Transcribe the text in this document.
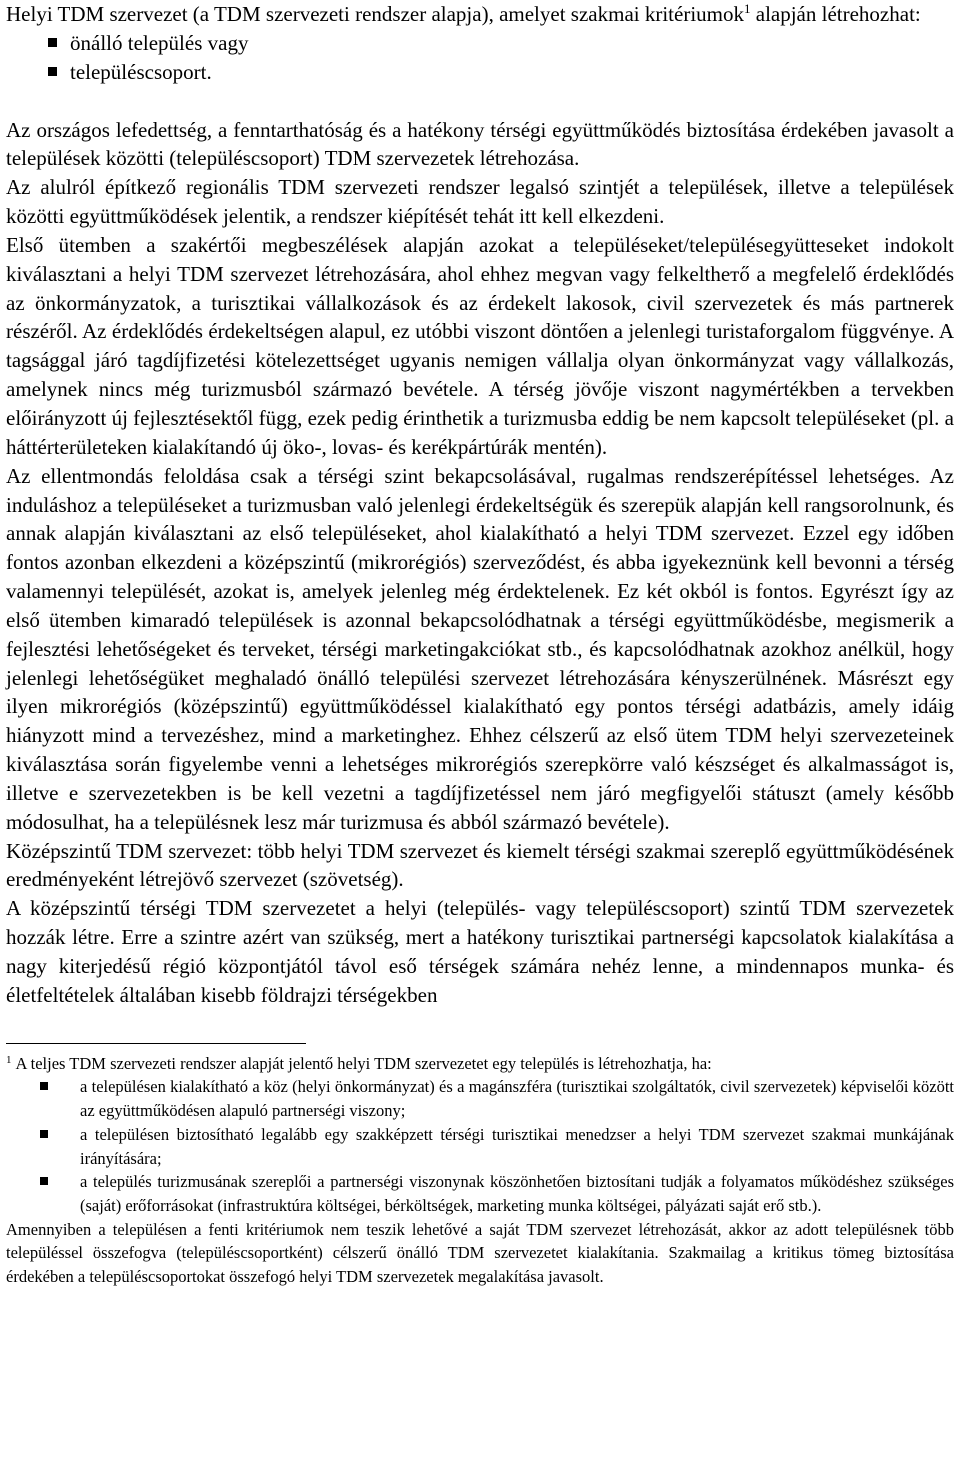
Helyi TDM szervezet (a TDM szervezeti rendszer alapja), amelyet szakmai kritériumok$^1$ alapján létrehozhat:

önálló település vagy
településcsoport.

Az országos lefedettség, a fenntarthatóság és a hatékony térségi együttműködés biztosítása érdekében javasolt a települések közötti (településcsoport) TDM szervezetek létrehozása.

Az alulról építkező regionális TDM szervezeti rendszer legalsó szintjét a települések, illetve a települések közötti együttműködések jelentik, a rendszer kiépítését tehát itt kell elkezdeni.

Első ütemben a szakértői megbeszélések alapján azokat a településeket/településegyütteseket indokolt kiválasztani a helyi TDM szervezet létrehozására, ahol ehhez megvan vagy felkeltheтő a megfelelő érdeklődés az önkormányzatok, a turisztikai vállalkozások és az érdekelt lakosok, civil szervezetek és más partnerek részéről. Az érdeklődés érdekeltségen alapul, ez utóbbi viszont döntően a jelenlegi turistaforgalom függvénye. A tagsággal járó tagdíjfizetési kötelezettséget ugyanis nemigen vállalja olyan önkormányzat vagy vállalkozás, amelynek nincs még turizmusból származó bevétele. A térség jövője viszont nagymértékben a tervekben előirányzott új fejlesztésektől függ, ezek pedig érinthetik a turizmusba eddig be nem kapcsolt településeket (pl. a háttérterületeken kialakítandó új öko-, lovas- és kerékpártúrák mentén).

Az ellentmondás feloldása csak a térségi szint bekapcsolásával, rugalmas rendszerépítéssel lehetséges. Az induláshoz a településeket a turizmusban való jelenlegi érdekeltségük és szerepük alapján kell rangsorolnunk, és annak alapján kiválasztani az első településeket, ahol kialakítható a helyi TDM szervezet. Ezzel egy időben fontos azonban elkezdeni a középszintű (mikrorégiós) szerveződést, és abba igyekeznünk kell bevonni a térség valamennyi települését, azokat is, amelyek jelenleg még érdektelenek. Ez két okból is fontos. Egyrészt így az első ütemben kimaradó települések is azonnal bekapcsolódhatnak a térségi együttműködésbe, megismerik a fejlesztési lehetőségeket és terveket, térségi marketingakciókat stb., és kapcsolódhatnak azokhoz anélkül, hogy jelenlegi lehetőségüket meghaladó önálló települési szervezet létrehozására kényszerülnének. Másrészt egy ilyen mikrorégiós (középszintű) együttműködéssel kialakítható egy pontos térségi adatbázis, amely idáig hiányzott mind a tervezéshez, mind a marketinghez. Ehhez célszerű az első ütem TDM helyi szervezeteinek kiválasztása során figyelembe venni a lehetséges mikrorégiós szerepkörre való készséget és alkalmasságot is, illetve e szervezetekben is be kell vezetni a tagdíjfizetéssel nem járó megfigyelői státuszt (amely később módosulhat, ha a településnek lesz már turizmusa és abból származó bevétele).

Középszintű TDM szervezet: több helyi TDM szervezet és kiemelt térségi szakmai szereplő együttműködésének eredményeként létrejövő szervezet (szövetség).

A középszintű térségi TDM szervezetet a helyi (település- vagy településcsoport) szintű TDM szervezetek hozzák létre. Erre a szintre azért van szükség, mert a hatékony turisztikai partnerségi kapcsolatok kialakítása a nagy kiterjedésű régió központjától távol eső térségek számára nehéz lenne, a mindennapos munka- és életfeltételek általában kisebb földrajzi térségekben

$^1$ A teljes TDM szervezeti rendszer alapját jelentő helyi TDM szervezetet egy település is létrehozhatja, ha:

a településen kialakítható a köz (helyi önkormányzat) és a magánszféra (turisztikai szolgáltatók, civil szervezetek) képviselői között az együttműködésen alapuló partnerségi viszony;
a településen biztosítható legalább egy szakképzett térségi turisztikai menedzser a helyi TDM szervezet szakmai munkájának irányítására;
a település turizmusának szereplői a partnerségi viszonynak köszönhetően biztosítani tudják a folyamatos működéshez szükséges (saját) erőforrásokat (infrastruktúra költségei, bérköltségek, marketing munka költségei, pályázati saját erő stb.).

Amennyiben a településen a fenti kritériumok nem teszik lehetővé a saját TDM szervezet létrehozását, akkor az adott településnek több településsel összefogva (településcsoportként) célszerű önálló TDM szervezetet kialakítania. Szakmailag a kritikus tömeg biztosítása érdekében a településcsoportokat összefogó helyi TDM szervezetek megalakítása javasolt.
